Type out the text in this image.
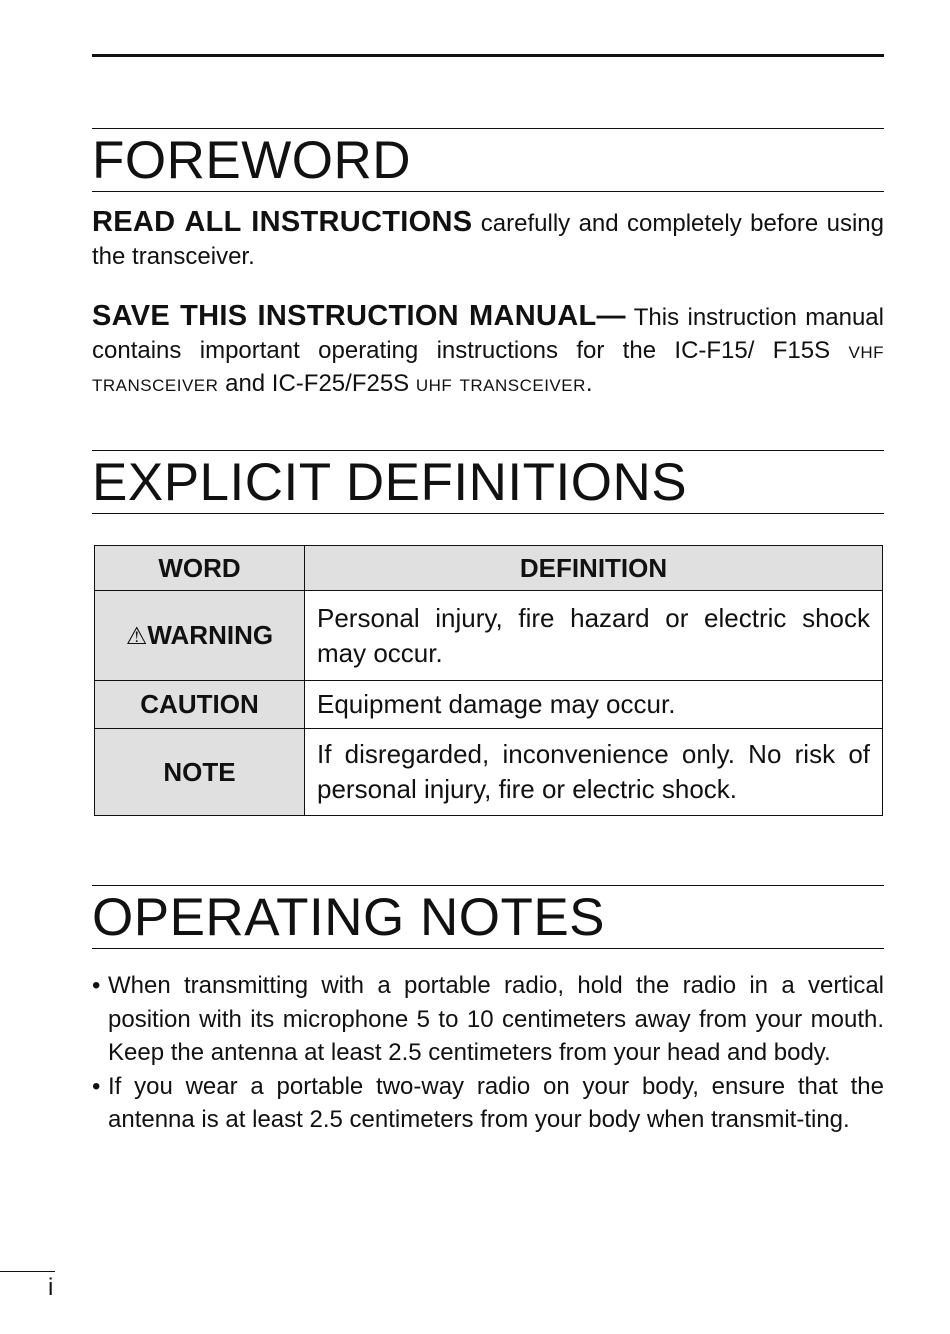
FOREWORD

READ ALL INSTRUCTIONS carefully and completely before using the transceiver.

SAVE THIS INSTRUCTION MANUAL— This instruction manual contains important operating instructions for the IC-F15/ F15S vhf transceiver and IC-F25/F25S uhf transceiver.

EXPLICIT DEFINITIONS
WORD	DEFINITION
⚠WARNING	Personal injury, fire hazard or electric shock may occur.
CAUTION	Equipment damage may occur.
NOTE	If disregarded, inconvenience only. No risk of personal injury, fire or electric shock.
OPERATING NOTES
• When transmitting with a portable radio, hold the radio in a vertical position with its microphone 5 to 10 centimeters away from your mouth. Keep the antenna at least 2.5 centimeters from your head and body.
• If you wear a portable two-way radio on your body, ensure that the antenna is at least 2.5 centimeters from your body when transmit-ting.
i
